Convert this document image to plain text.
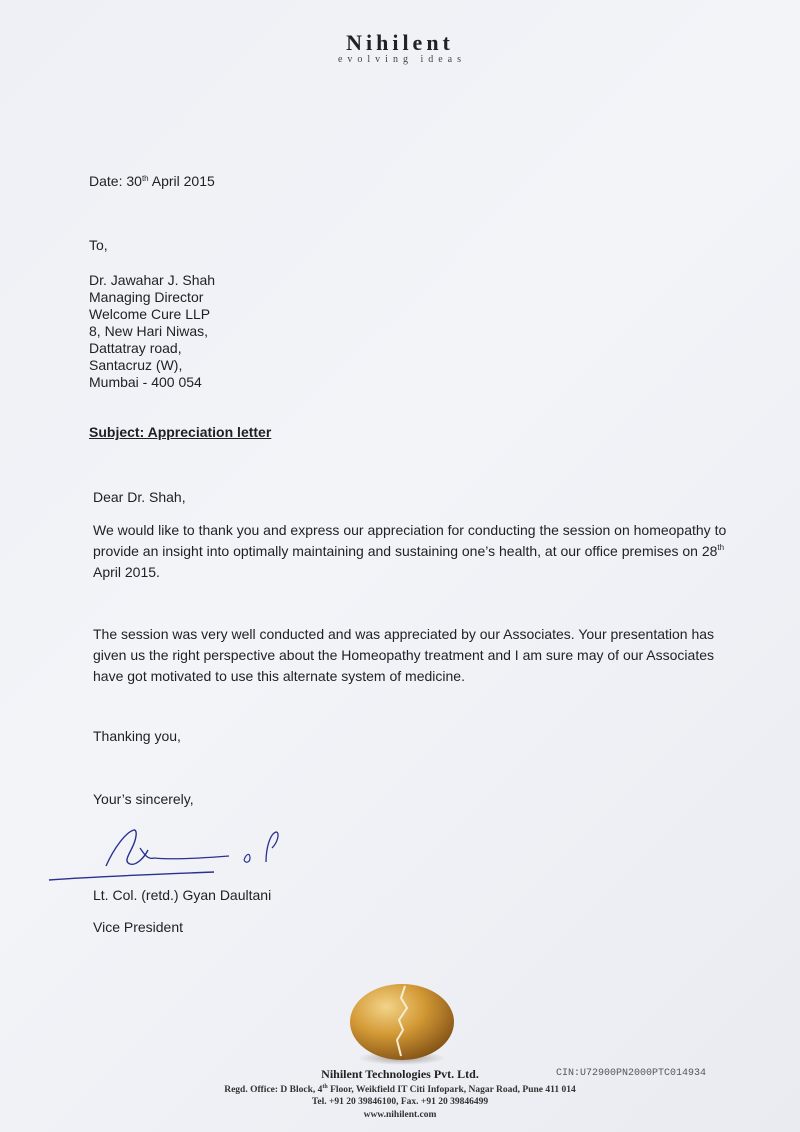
Nihilent
evolving ideas
Date: 30th April 2015
To,
Dr. Jawahar J. Shah
Managing Director
Welcome Cure LLP
8, New Hari Niwas,
Dattatray road,
Santacruz (W),
Mumbai - 400 054
Subject: Appreciation letter
Dear Dr. Shah,
We would like to thank you and express our appreciation for conducting the session on homeopathy to provide an insight into optimally maintaining and sustaining one’s health, at our office premises on 28th April 2015.
The session was very well conducted and was appreciated by our Associates. Your presentation has given us the right perspective about the Homeopathy treatment and I am sure may of our Associates have got motivated to use this alternate system of medicine.
Thanking you,
Your’s sincerely,
Lt. Col. (retd.) Gyan Daultani
Vice President
Nihilent Technologies Pvt. Ltd.	CIN:U72900PN2000PTC014934
Regd. Office: D Block, 4th Floor, Weikfield IT Citi Infopark, Nagar Road, Pune 411 014
Tel. +91 20 39846100, Fax. +91 20 39846499
www.nihilent.com
